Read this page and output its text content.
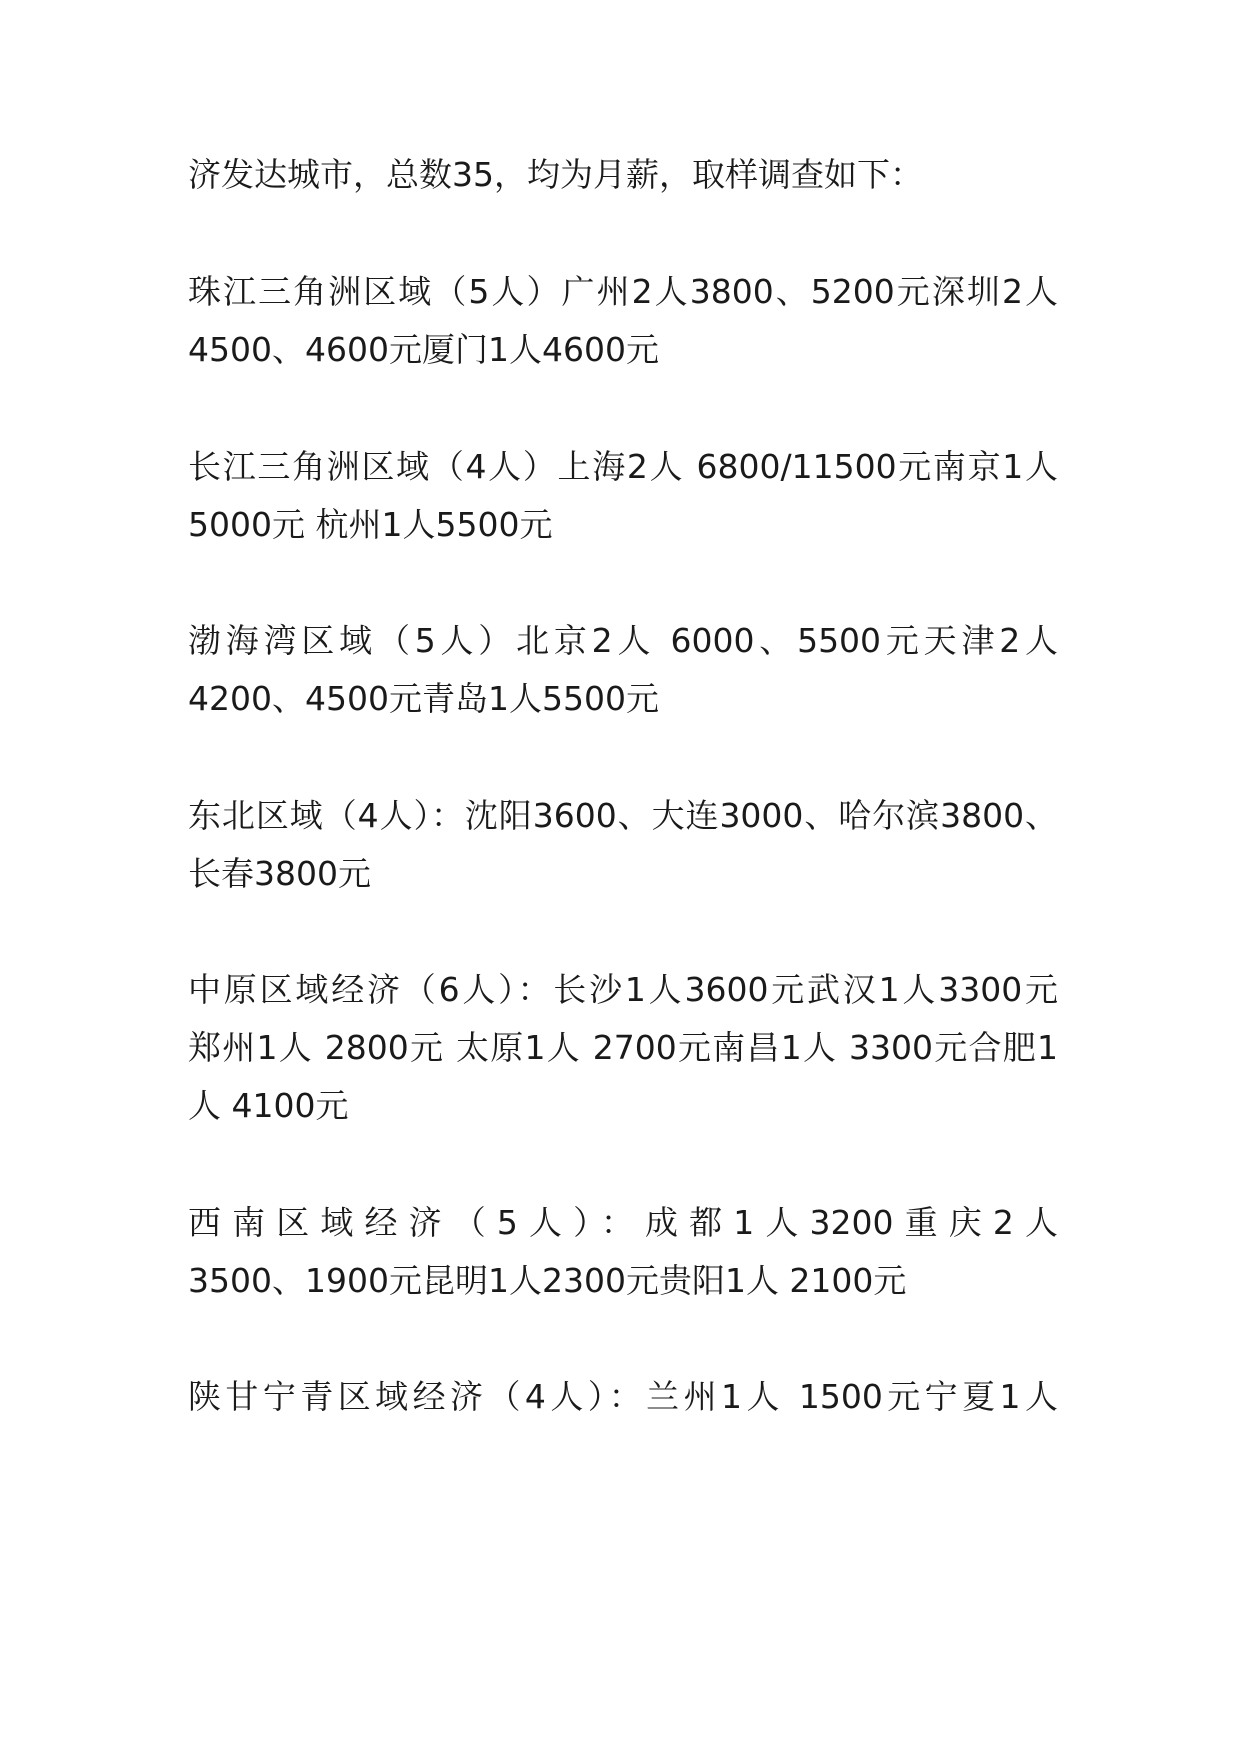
济发达城市，总数35，均为月薪，取样调查如下：
珠江三角洲区域（5人）广州2人3800、5200元深圳2人
4500、4600元厦门1人4600元
长江三角洲区域（4人）上海2人 6800/11500元南京1人
5000元 杭州1人5500元
渤海湾区域（5人）北京2人 6000、5500元天津2人
4200、4500元青岛1人5500元
东北区域（4人）：沈阳3600、大连3000、哈尔滨3800、
长春3800元
中原区域经济（6人）：长沙1人3600元武汉1人3300元
郑州1人 2800元 太原1人 2700元南昌1人 3300元合肥1
人 4100元
西南区域经济（5人）：成都1人3200重庆2人
3500、1900元昆明1人2300元贵阳1人 2100元
陕甘宁青区域经济（4人）：兰州1人 1500元宁夏1人
